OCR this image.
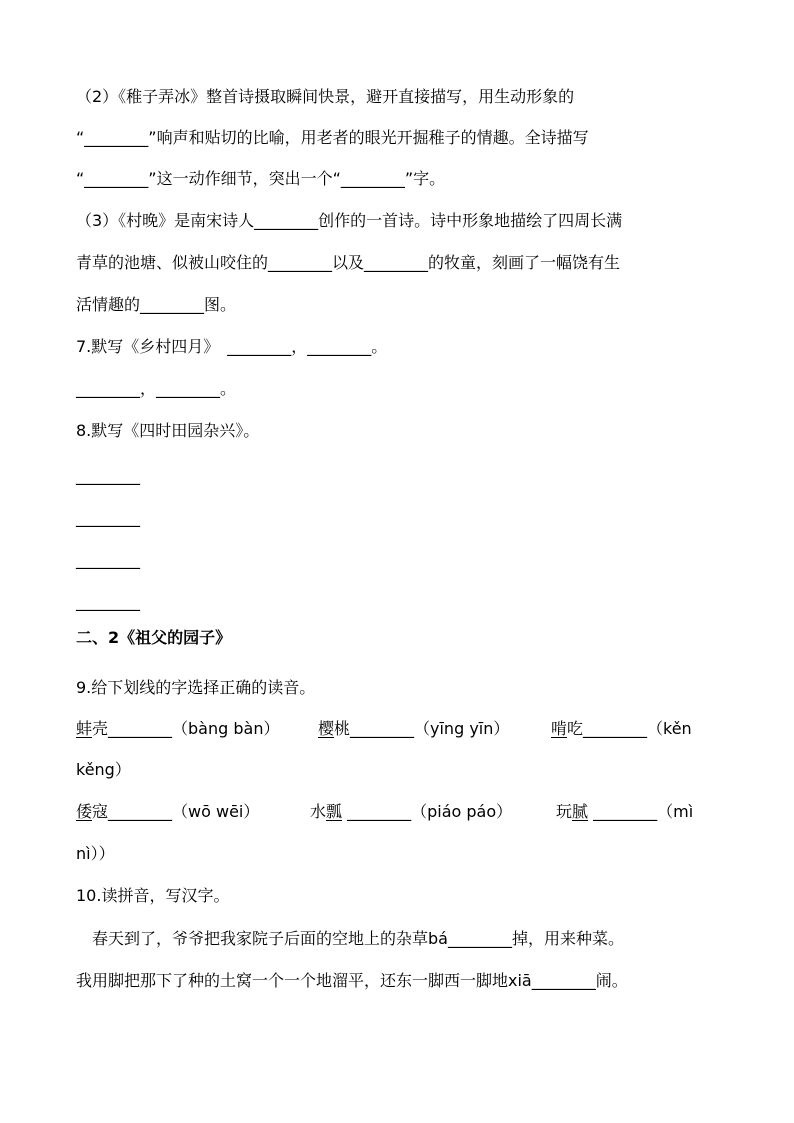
（2）《稚子弄冰》整首诗摄取瞬间快景，避开直接描写，用生动形象的
“________”响声和贴切的比喻，用老者的眼光开掘稚子的情趣。全诗描写
“________”这一动作细节，突出一个“________”字。
（3）《村晚》是南宋诗人________创作的一首诗。诗中形象地描绘了四周长满
青草的池塘、似被山咬住的________以及________的牧童，刻画了一幅饶有生
活情趣的________图。
7.默写《乡村四月》　________，________。
________，________。
8.默写《四时田园杂兴》。
________
________
________
________
二、2《祖父的园子》
9.给下划线的字选择正确的读音。
蚌壳________（bàng bàn） 樱桃________（yīng yīn）	啃吃________（kěn
kěng）
倭寇________（wō wēi）	水瓢 ________（piáo páo）	玩腻 ________（mì
nì））
10.读拼音，写汉字。
　春天到了，爷爷把我家院子后面的空地上的杂草bá________掉，用来种菜。
我用脚把那下了种的土窝一个一个地溜平，还东一脚西一脚地xiā________闹。
